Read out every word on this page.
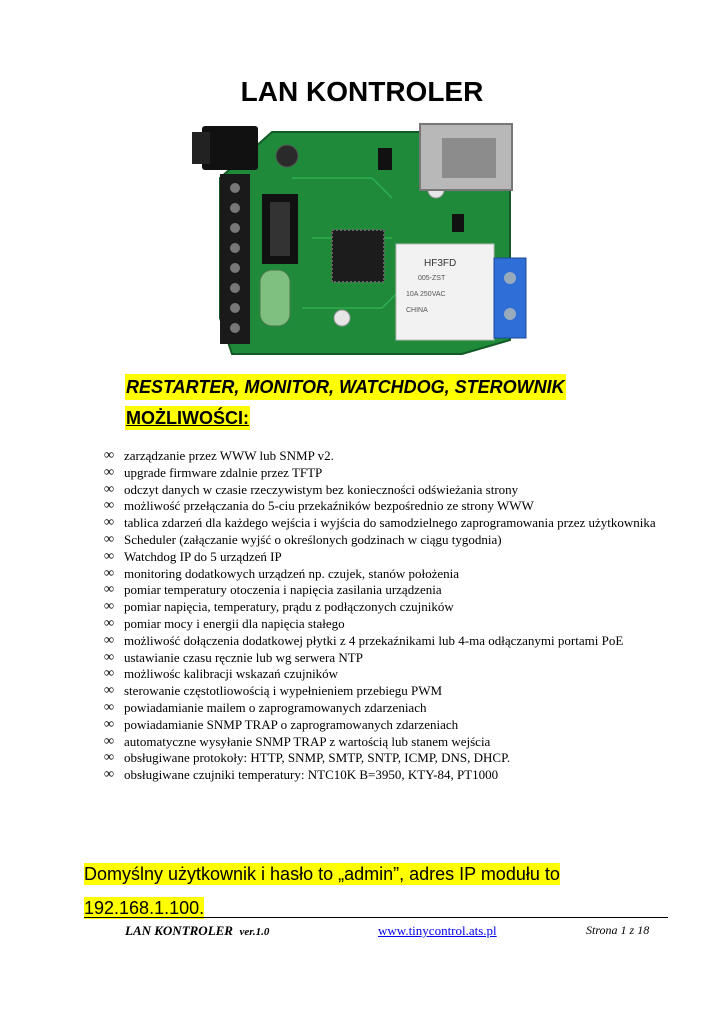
LAN KONTROLER
HF3FD
005-ZST
10A 250VAC
CHINA
RESTARTER, MONITOR, WATCHDOG, STEROWNIK
MOŻLIWOŚCI:
∞ zarządzanie przez WWW lub SNMP v2.
∞ upgrade firmware zdalnie przez TFTP
∞ odczyt danych w czasie rzeczywistym bez konieczności odświeżania strony
∞ możliwość przełączania do 5-ciu przekaźników bezpośrednio ze strony WWW
∞ tablica zdarzeń dla każdego wejścia i wyjścia do samodzielnego zaprogramowania przez użytkownika
∞ Scheduler (załączanie wyjść o określonych godzinach w ciągu tygodnia)
∞ Watchdog IP do 5 urządzeń IP
∞ monitoring dodatkowych urządzeń np. czujek, stanów położenia
∞ pomiar temperatury otoczenia i napięcia zasilania urządzenia
∞ pomiar napięcia, temperatury, prądu z podłączonych czujników
∞ pomiar mocy i energii dla napięcia stałego
∞ możliwość dołączenia dodatkowej płytki z 4 przekaźnikami lub 4-ma odłączanymi portami PoE
∞ ustawianie czasu ręcznie lub wg serwera NTP
∞ możliwośc kalibracji wskazań czujników
∞ sterowanie częstotliowością i wypełnieniem przebiegu PWM
∞ powiadamianie mailem o zaprogramowanych zdarzeniach
∞ powiadamianie SNMP TRAP o zaprogramowanych zdarzeniach
∞ automatyczne wysyłanie SNMP TRAP z wartością lub stanem wejścia
∞ obsługiwane protokoły: HTTP, SNMP, SMTP, SNTP, ICMP, DNS, DHCP.
∞ obsługiwane czujniki temperatury: NTC10K B=3950, KTY-84, PT1000
Domyślny użytkownik i hasło to „admin”, adres IP modułu to
192.168.1.100.
LAN KONTROLER ver.1.0	www.tinycontrol.ats.pl	Strona 1 z 18
